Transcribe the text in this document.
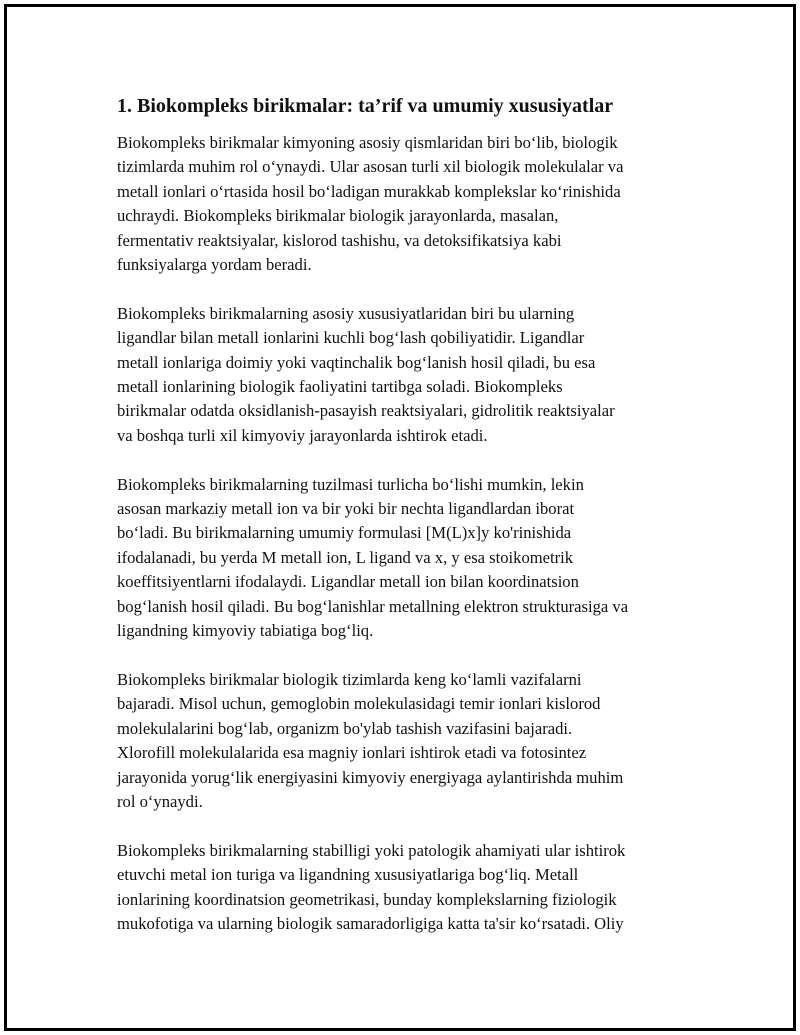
1. Biokompleks birikmalar: ta’rif va umumiy xususiyatlar

Biokompleks birikmalar kimyoning asosiy qismlaridan biri bo‘lib, biologik
tizimlarda muhim rol o‘ynaydi. Ular asosan turli xil biologik molekulalar va
metall ionlari o‘rtasida hosil bo‘ladigan murakkab komplekslar ko‘rinishida
uchraydi. Biokompleks birikmalar biologik jarayonlarda, masalan,
fermentativ reaktsiyalar, kislorod tashishu, va detoksifikatsiya kabi
funksiyalarga yordam beradi.

Biokompleks birikmalarning asosiy xususiyatlaridan biri bu ularning
ligandlar bilan metall ionlarini kuchli bog‘lash qobiliyatidir. Ligandlar
metall ionlariga doimiy yoki vaqtinchalik bog‘lanish hosil qiladi, bu esa
metall ionlarining biologik faoliyatini tartibga soladi. Biokompleks
birikmalar odatda oksidlanish-pasayish reaktsiyalari, gidrolitik reaktsiyalar
va boshqa turli xil kimyoviy jarayonlarda ishtirok etadi.

Biokompleks birikmalarning tuzilmasi turlicha bo‘lishi mumkin, lekin
asosan markaziy metall ion va bir yoki bir nechta ligandlardan iborat
bo‘ladi. Bu birikmalarning umumiy formulasi [M(L)x]y ko'rinishida
ifodalanadi, bu yerda M metall ion, L ligand va x, y esa stoikometrik
koeffitsiyentlarni ifodalaydi. Ligandlar metall ion bilan koordinatsion
bog‘lanish hosil qiladi. Bu bog‘lanishlar metallning elektron strukturasiga va
ligandning kimyoviy tabiatiga bog‘liq.

Biokompleks birikmalar biologik tizimlarda keng ko‘lamli vazifalarni
bajaradi. Misol uchun, gemoglobin molekulasidagi temir ionlari kislorod
molekulalarini bog‘lab, organizm bo'ylab tashish vazifasini bajaradi.
Xlorofill molekulalarida esa magniy ionlari ishtirok etadi va fotosintez
jarayonida yorug‘lik energiyasini kimyoviy energiyaga aylantirishda muhim
rol o‘ynaydi.

Biokompleks birikmalarning stabilligi yoki patologik ahamiyati ular ishtirok
etuvchi metal ion turiga va ligandning xususiyatlariga bog‘liq. Metall
ionlarining koordinatsion geometrikasi, bunday komplekslarning fiziologik
mukofotiga va ularning biologik samaradorligiga katta ta'sir ko‘rsatadi. Oliy
